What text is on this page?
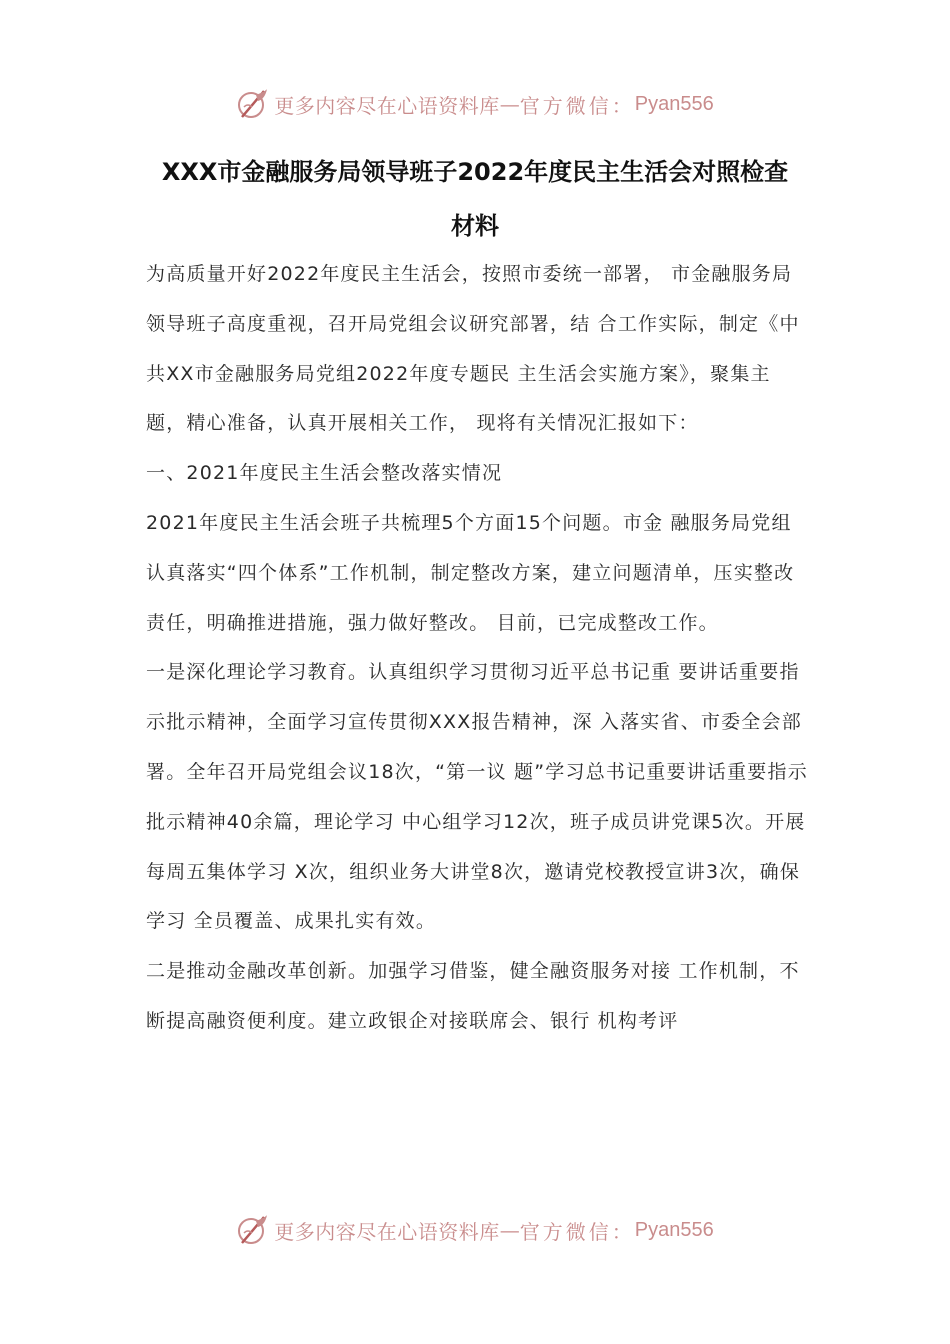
更多内容尽在心语资料库 — 官方微信： Pyan556
XXX市金融服务局领导班子2022年度民主生活会对照检查
材料

为高质量开好2022年度民主生活会，按照市委统一部署， 市金融服务局领导班子高度重视，召开局党组会议研究部署，结 合工作实际，制定《中共XX市金融服务局党组2022年度专题民 主生活会实施方案》，聚集主题，精心准备，认真开展相关工作， 现将有关情况汇报如下：

一、2021年度民主生活会整改落实情况

2021年度民主生活会班子共梳理5个方面15个问题。市金 融服务局党组认真落实“四个体系”工作机制，制定整改方案，建立问题清单，压实整改责任，明确推进措施，强力做好整改。 目前，已完成整改工作。

一是深化理论学习教育。认真组织学习贯彻习近平总书记重 要讲话重要指示批示精神，全面学习宣传贯彻XXX报告精神，深 入落实省、市委全会部署。全年召开局党组会议18次，“第一议 题”学习总书记重要讲话重要指示批示精神40余篇，理论学习 中心组学习12次，班子成员讲党课5次。开展每周五集体学习 X次，组织业务大讲堂8次，邀请党校教授宣讲3次，确保学习 全员覆盖、成果扎实有效。

二是推动金融改革创新。加强学习借鉴，健全融资服务对接 工作机制，不断提高融资便利度。建立政银企对接联席会、银行 机构考评

更多内容尽在心语资料库 — 官方微信： Pyan556
